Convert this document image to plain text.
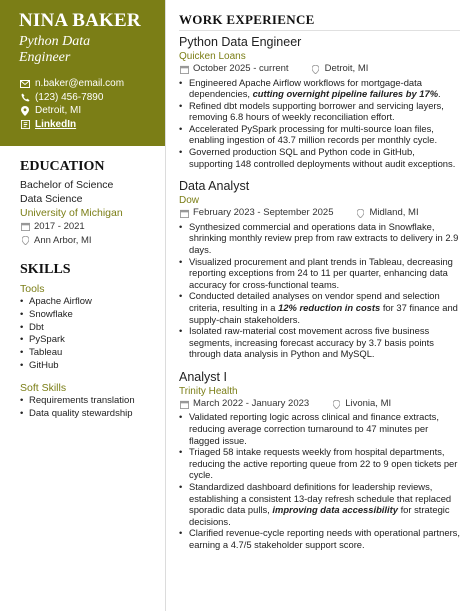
NINA BAKER
Python Data
Engineer
n.baker@email.com
(123) 456-7890
Detroit, MI
LinkedIn
EDUCATION
Bachelor of Science
Data Science
University of Michigan
2017 - 2021
Ann Arbor, MI
SKILLS
Tools
• Apache Airflow
• Snowflake
• Dbt
• PySpark
• Tableau
• GitHub
Soft Skills
• Requirements translation
• Data quality stewardship
WORK EXPERIENCE
Python Data Engineer
Quicken Loans
October 2025 - current	Detroit, MI
• Engineered Apache Airflow workflows for mortgage-data dependencies, cutting overnight pipeline failures by 17%.
• Refined dbt models supporting borrower and servicing layers, removing 6.8 hours of weekly reconciliation effort.
• Accelerated PySpark processing for multi-source loan files, enabling ingestion of 43.7 million records per monthly cycle.
• Governed production SQL and Python code in GitHub, supporting 148 controlled deployments without audit exceptions.
Data Analyst
Dow
February 2023 - September 2025	Midland, MI
• Synthesized commercial and operations data in Snowflake, shrinking monthly review prep from raw extracts to delivery in 2.9 days.
• Visualized procurement and plant trends in Tableau, decreasing reporting exceptions from 24 to 11 per quarter, enhancing data accuracy for cross-functional teams.
• Conducted detailed analyses on vendor spend and selection criteria, resulting in a 12% reduction in costs for 37 finance and supply-chain stakeholders.
• Isolated raw-material cost movement across five business segments, increasing forecast accuracy by 3.7 basis points through data analysis in Python and MySQL.
Analyst I
Trinity Health
March 2022 - January 2023	Livonia, MI
• Validated reporting logic across clinical and finance extracts, reducing average correction turnaround to 47 minutes per flagged issue.
• Triaged 58 intake requests weekly from hospital departments, reducing the active reporting queue from 22 to 9 open tickets per cycle.
• Standardized dashboard definitions for leadership reviews, establishing a consistent 13-day refresh schedule that replaced sporadic data pulls, improving data accessibility for strategic decisions.
• Clarified revenue-cycle reporting needs with operational partners, earning a 4.7/5 stakeholder support score.
